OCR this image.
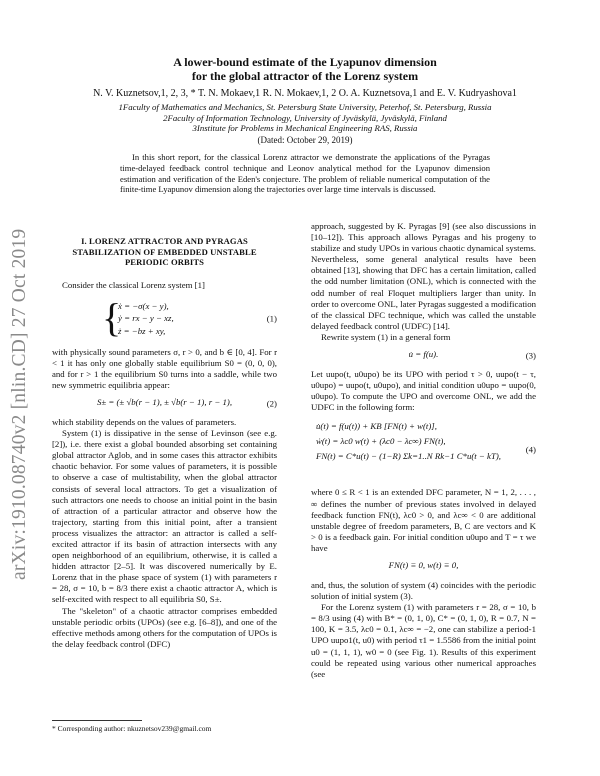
arXiv:1910.08740v2 [nlin.CD] 27 Oct 2019
A lower-bound estimate of the Lyapunov dimension
for the global attractor of the Lorenz system
N. V. Kuznetsov,1, 2, 3, * T. N. Mokaev,1 R. N. Mokaev,1, 2 O. A. Kuznetsova,1 and E. V. Kudryashova1
1Faculty of Mathematics and Mechanics, St. Petersburg State University, Peterhof, St. Petersburg, Russia
2Faculty of Information Technology, University of Jyväskylä, Jyväskylä, Finland
3Institute for Problems in Mechanical Engineering RAS, Russia
(Dated: October 29, 2019)
In this short report, for the classical Lorenz attractor we demonstrate the applications of the Pyragas time-delayed feedback control technique and Leonov analytical method for the Lyapunov dimension estimation and verification of the Eden's conjecture. The problem of reliable numerical computation of the finite-time Lyapunov dimension along the trajectories over large time intervals is discussed.
I. LORENZ ATTRACTOR AND PYRAGAS
STABILIZATION OF EMBEDDED UNSTABLE
PERIODIC ORBITS

Consider the classical Lorenz system [1]

{
ẋ = −σ(x − y),
ẏ = rx − y − xz,
ż = −bz + xy,
(1)

with physically sound parameters σ, r > 0, and b ∈ [0, 4]. For r < 1 it has only one globally stable equilibrium S0 = (0, 0, 0), and for r > 1 the equilibrium S0 turns into a saddle, while two new symmetric equilibria appear:

S± = (± √b(r − 1), ± √b(r − 1), r − 1),	(2)

which stability depends on the values of parameters.

System (1) is dissipative in the sense of Levinson (see e.g. [2]), i.e. there exist a global bounded absorbing set containing global attractor Aglob, and in some cases this attractor exhibits chaotic behavior. For some values of parameters, it is possible to observe a case of multistability, when the global attractor consists of several local attractors. To get a visualization of such attractors one needs to choose an initial point in the basin of attraction of a particular attractor and observe how the trajectory, starting from this initial point, after a transient process visualizes the attractor: an attractor is called a self-excited attractor if its basin of attraction intersects with any open neighborhood of an equilibrium, otherwise, it is called a hidden attractor [2–5]. It was discovered numerically by E. Lorenz that in the phase space of system (1) with parameters r = 28, σ = 10, b = 8/3 there exist a chaotic attractor A, which is self-excited with respect to all equilibria S0, S±.

The "skeleton" of a chaotic attractor comprises embedded unstable periodic orbits (UPOs) (see e.g. [6–8]), and one of the effective methods among others for the computation of UPOs is the delay feedback control (DFC)

approach, suggested by K. Pyragas [9] (see also discussions in [10–12]). This approach allows Pyragas and his progeny to stabilize and study UPOs in various chaotic dynamical systems. Nevertheless, some general analytical results have been obtained [13], showing that DFC has a certain limitation, called the odd number limitation (ONL), which is connected with the odd number of real Floquet multipliers larger than unity. In order to overcome ONL, later Pyragas suggested a modification of the classical DFC technique, which was called the unstable delayed feedback control (UDFC) [14].

Rewrite system (1) in a general form

u̇ = f(u).	(3)

Let uupo(t, u0upo) be its UPO with period τ > 0, uupo(t − τ, u0upo) = uupo(t, u0upo), and initial condition u0upo = uupo(0, u0upo). To compute the UPO and overcome ONL, we add the UDFC in the following form:

u̇(t) = f(u(t)) + KB [FN(t) + w(t)],
ẇ(t) = λc0 w(t) + (λc0 − λc∞) FN(t),
FN(t) = C*u(t) − (1−R) Σk=1..N Rk−1 C*u(t − kT),
(4)

where 0 ≤ R < 1 is an extended DFC parameter, N = 1, 2, . . . , ∞ defines the number of previous states involved in delayed feedback function FN(t), λc0 > 0, and λc∞ < 0 are additional unstable degree of freedom parameters, B, C are vectors and K > 0 is a feedback gain. For initial condition u0upo and T = τ we have

FN(t) ≡ 0, w(t) ≡ 0,

and, thus, the solution of system (4) coincides with the periodic solution of initial system (3).

For the Lorenz system (1) with parameters r = 28, σ = 10, b = 8/3 using (4) with B* = (0, 1, 0), C* = (0, 1, 0), R = 0.7, N = 100, K = 3.5, λc0 = 0.1, λc∞ = −2, one can stabilize a period-1 UPO uupo1(t, u0) with period τ1 = 1.5586 from the initial point u0 = (1, 1, 1), w0 = 0 (see Fig. 1). Results of this experiment could be repeated using various other numerical approaches (see

* Corresponding author: nkuznetsov239@gmail.com
